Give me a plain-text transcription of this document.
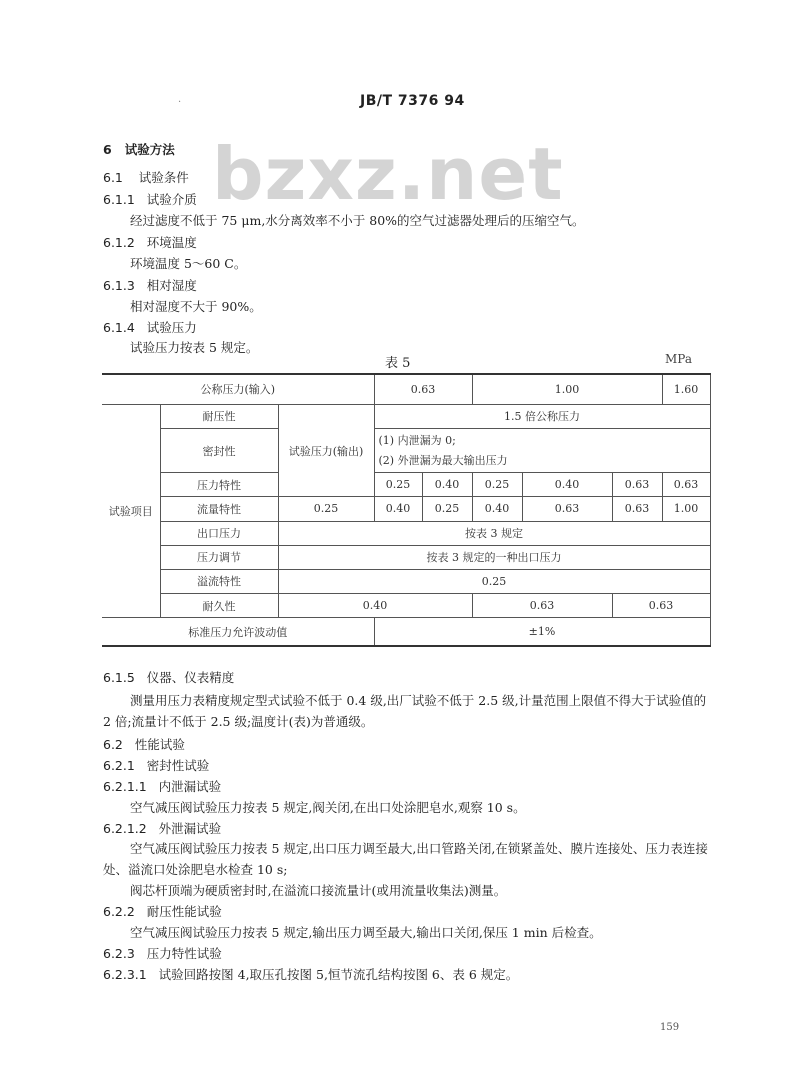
·	JB/T 7376 94
bzxz.net
6 试验方法
6.1 试验条件
6.1.1 试验介质
经过滤度不低于 75 μm,水分离效率不小于 80%的空气过滤器处理后的压缩空气。
6.1.2 环境温度
环境温度 5～60 C。
6.1.3 相对湿度
相对湿度不大于 90%。
6.1.4 试验压力
试验压力按表 5 规定。
表 5	MPa
公称压力(输入)			0.63		1.00			1.60
试验项目	耐压性	试验压力(输出)	1.5 倍公称压力					
	密封性		(1) 内泄漏为 0;
(2) 外泄漏为最大输出压力					

	压力特性		0.25	0.40	0.25	0.40	0.63	0.63
	流量特性	0.25	0.40	0.25	0.40	0.63	0.63	1.00
	出口压力	按表 3 规定						
	压力调节	按表 3 规定的一种出口压力						
	溢流特性	0.25						
	耐久性	0.40			0.63		0.63	
标准压力允许波动值			±1%					
6.1.5 仪器、仪表精度

测量用压力表精度规定型式试验不低于 0.4 级,出厂试验不低于 2.5 级,计量范围上限值不得大于试验值的 2 倍;流量计不低于 2.5 级;温度计(表)为普通级。

6.2 性能试验
6.2.1 密封性试验
6.2.1.1 内泄漏试验
空气减压阀试验压力按表 5 规定,阀关闭,在出口处涂肥皂水,观察 10 s。
6.2.1.2 外泄漏试验

空气减压阀试验压力按表 5 规定,出口压力调至最大,出口管路关闭,在锁紧盖处、膜片连接处、压力表连接处、溢流口处涂肥皂水检查 10 s;

阀芯杆顶端为硬质密封时,在溢流口接流量计(或用流量收集法)测量。
6.2.2 耐压性能试验
空气减压阀试验压力按表 5 规定,输出压力调至最大,输出口关闭,保压 1 min 后检查。
6.2.3 压力特性试验
6.2.3.1 试验回路按图 4,取压孔按图 5,恒节流孔结构按图 6、表 6 规定。
159
